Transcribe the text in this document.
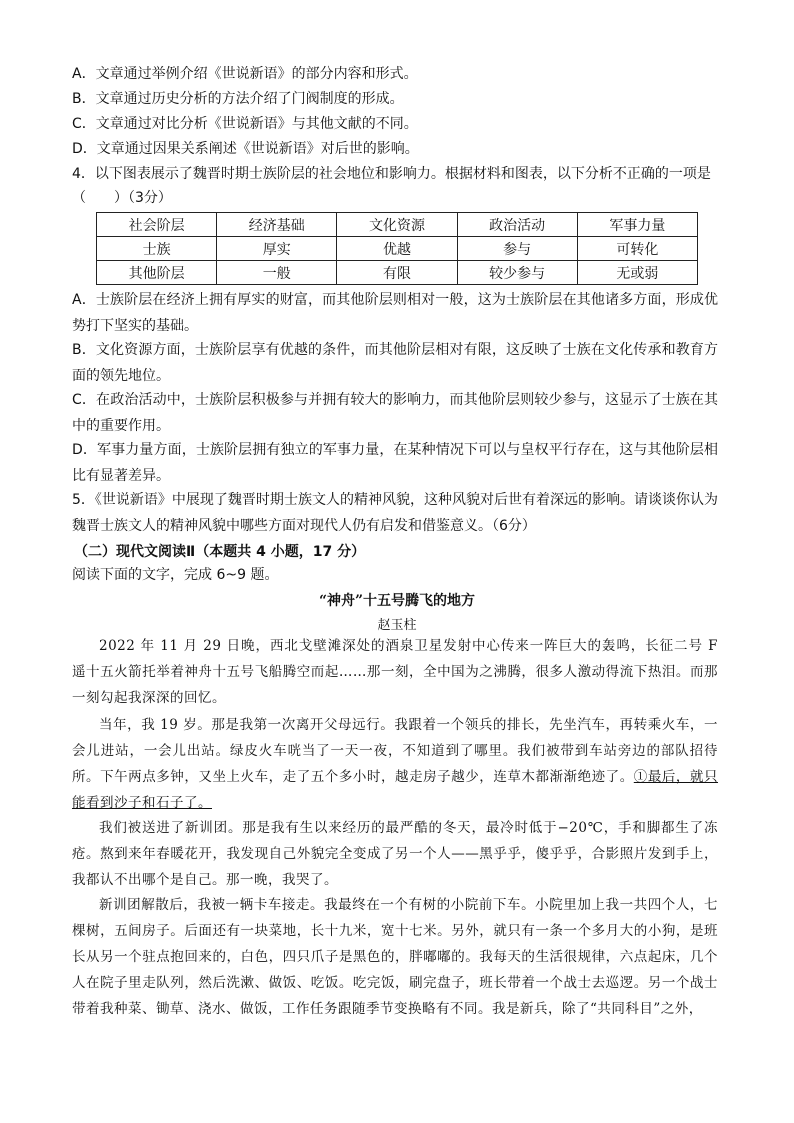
A．文章通过举例介绍《世说新语》的部分内容和形式。
B．文章通过历史分析的方法介绍了门阀制度的形成。
C．文章通过对比分析《世说新语》与其他文献的不同。
D．文章通过因果关系阐述《世说新语》对后世的影响。
4．以下图表展示了魏晋时期士族阶层的社会地位和影响力。根据材料和图表，以下分析不正确的一项是
（　　）（3分）
社会阶层	经济基础	文化资源	政治活动	军事力量
士族	厚实	优越	参与	可转化
其他阶层	一般	有限	较少参与	无或弱
A．士族阶层在经济上拥有厚实的财富，而其他阶层则相对一般，这为士族阶层在其他诸多方面，形成优势打下坚实的基础。
B．文化资源方面，士族阶层享有优越的条件，而其他阶层相对有限，这反映了士族在文化传承和教育方面的领先地位。
C．在政治活动中，士族阶层积极参与并拥有较大的影响力，而其他阶层则较少参与，这显示了士族在其中的重要作用。
D．军事力量方面，士族阶层拥有独立的军事力量，在某种情况下可以与皇权平行存在，这与其他阶层相比有显著差异。
5．《世说新语》中展现了魏晋时期士族文人的精神风貌，这种风貌对后世有着深远的影响。请谈谈你认为魏晋士族文人的精神风貌中哪些方面对现代人仍有启发和借鉴意义。（6分）
（二）现代文阅读Ⅱ（本题共 4 小题，17 分）
阅读下面的文字，完成 6~9 题。
“神舟”十五号腾飞的地方
赵玉柱
2022 年 11 月 29 日晚，西北戈壁滩深处的酒泉卫星发射中心传来一阵巨大的轰鸣，长征二号 F 遥十五火箭托举着神舟十五号飞船腾空而起……那一刻，全中国为之沸腾，很多人激动得流下热泪。而那一刻勾起我深深的回忆。
当年，我 19 岁。那是我第一次离开父母远行。我跟着一个领兵的排长，先坐汽车，再转乘火车，一会儿进站，一会儿出站。绿皮火车咣当了一天一夜，不知道到了哪里。我们被带到车站旁边的部队招待所。下午两点多钟，又坐上火车，走了五个多小时，越走房子越少，连草木都渐渐绝迹了。①最后，就只能看到沙子和石子了。
我们被送进了新训团。那是我有生以来经历的最严酷的冬天，最冷时低于−20℃，手和脚都生了冻疮。熬到来年春暖花开，我发现自己外貌完全变成了另一个人——黑乎乎，傻乎乎，合影照片发到手上，我都认不出哪个是自己。那一晚，我哭了。
新训团解散后，我被一辆卡车接走。我最终在一个有树的小院前下车。小院里加上我一共四个人，七棵树，五间房子。后面还有一块菜地，长十九米，宽十七米。另外，就只有一条一个多月大的小狗，是班长从另一个驻点抱回来的，白色，四只爪子是黑色的，胖嘟嘟的。我每天的生活很规律，六点起床，几个人在院子里走队列，然后洗漱、做饭、吃饭。吃完饭，刷完盘子，班长带着一个战士去巡逻。另一个战士带着我种菜、锄草、浇水、做饭，工作任务跟随季节变换略有不同。我是新兵，除了“共同科目”之外，
